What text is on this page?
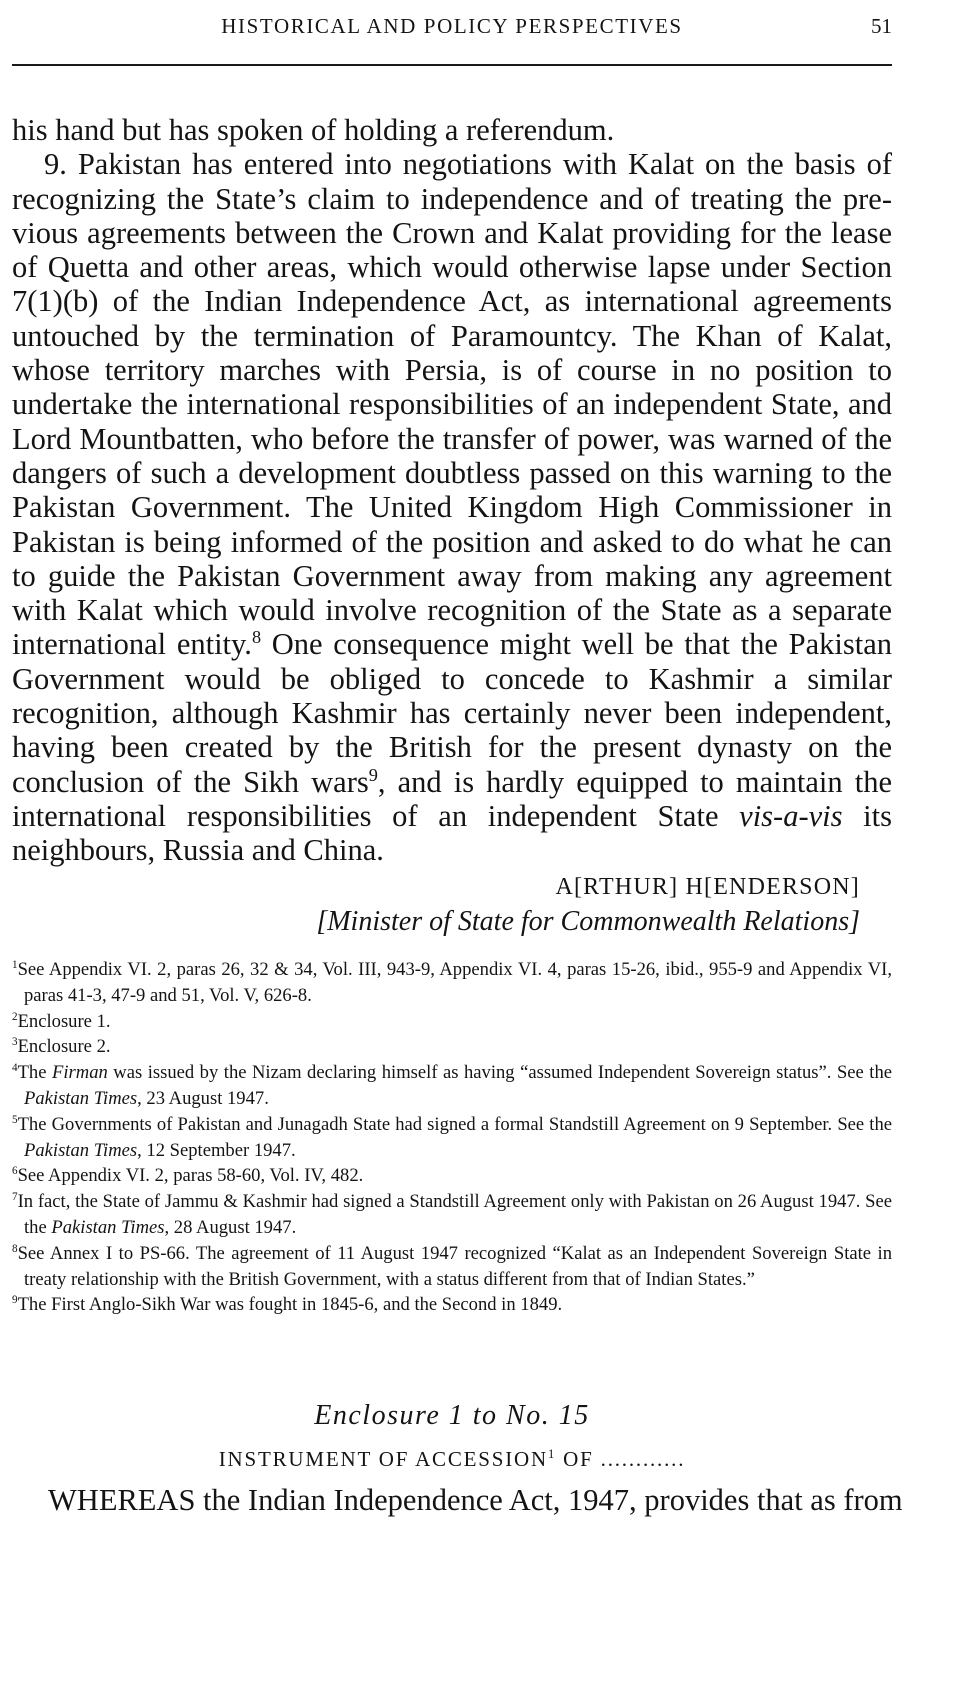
HISTORICAL AND POLICY PERSPECTIVES	51

his hand but has spoken of holding a referendum.

9. Pakistan has entered into negotiations with Kalat on the basis of recognizing the State’s claim to independence and of treating the previous agreements between the Crown and Kalat providing for the lease of Quetta and other areas, which would otherwise lapse under Section 7(1)(b) of the Indian Independence Act, as international agreements untouched by the termination of Paramountcy. The Khan of Kalat, whose territory marches with Persia, is of course in no position to undertake the international responsibilities of an independent State, and Lord Mountbatten, who before the transfer of power, was warned of the dangers of such a development doubtless passed on this warning to the Pakistan Government. The United Kingdom High Commissioner in Pakistan is being informed of the position and asked to do what he can to guide the Pakistan Government away from making any agreement with Kalat which would involve recognition of the State as a separate international entity.$^8$ One consequence might well be that the Pakistan Government would be obliged to concede to Kashmir a similar recognition, although Kashmir has certainly never been independent, having been created by the British for the present dynasty on the conclusion of the Sikh wars$^9$, and is hardly equipped to maintain the international responsibilities of an independent State vis-a-vis its neighbours, Russia and China.

A[RTHUR] H[ENDERSON]
[Minister of State for Commonwealth Relations]

$^1$See Appendix VI. 2, paras 26, 32 & 34, Vol. III, 943-9, Appendix VI. 4, paras 15-26, ibid., 955-9 and Appendix VI, paras 41-3, 47-9 and 51, Vol. V, 626-8.

$^2$Enclosure 1.

$^3$Enclosure 2.

$^4$The Firman was issued by the Nizam declaring himself as having “assumed Independent Sovereign status”. See the Pakistan Times, 23 August 1947.

$^5$The Governments of Pakistan and Junagadh State had signed a formal Standstill Agreement on 9 September. See the Pakistan Times, 12 September 1947.

$^6$See Appendix VI. 2, paras 58-60, Vol. IV, 482.

$^7$In fact, the State of Jammu & Kashmir had signed a Standstill Agreement only with Pakistan on 26 August 1947. See the Pakistan Times, 28 August 1947.

$^8$See Annex I to PS-66. The agreement of 11 August 1947 recognized “Kalat as an Independent Sovereign State in treaty relationship with the British Government, with a status different from that of Indian States.”

$^9$The First Anglo-Sikh War was fought in 1845-6, and the Second in 1849.

Enclosure 1 to No. 15
INSTRUMENT OF ACCESSION$^1$ OF ............
WHEREAS the Indian Independence Act, 1947, provides that as from
